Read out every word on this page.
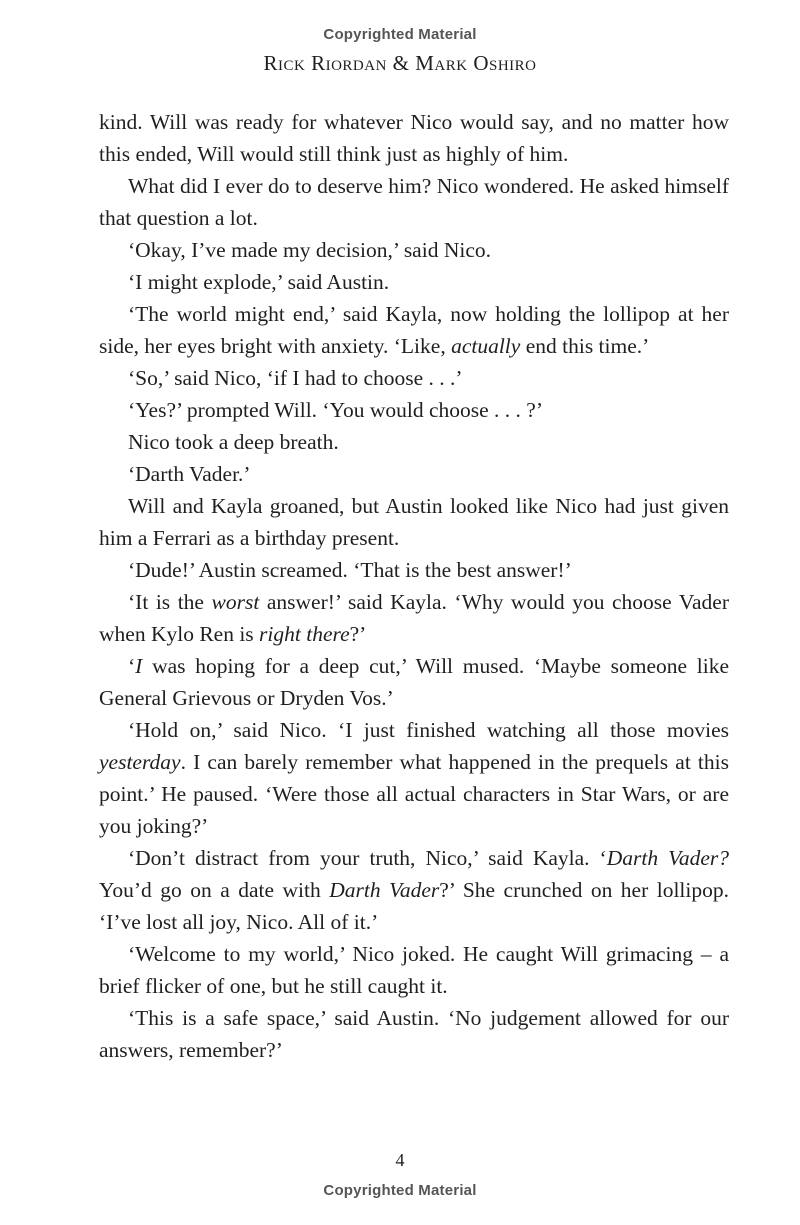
Copyrighted Material
Rick Riordan & Mark Oshiro

kind. Will was ready for whatever Nico would say, and no matter how this ended, Will would still think just as highly of him.

What did I ever do to deserve him? Nico wondered. He asked himself that question a lot.

‘Okay, I’ve made my decision,’ said Nico.

‘I might explode,’ said Austin.

‘The world might end,’ said Kayla, now holding the lollipop at her side, her eyes bright with anxiety. ‘Like, actually end this time.’

‘So,’ said Nico, ‘if I had to choose . . .’

‘Yes?’ prompted Will. ‘You would choose . . . ?’

Nico took a deep breath.

‘Darth Vader.’

Will and Kayla groaned, but Austin looked like Nico had just given him a Ferrari as a birthday present.

‘Dude!’ Austin screamed. ‘That is the best answer!’

‘It is the worst answer!’ said Kayla. ‘Why would you choose Vader when Kylo Ren is right there?’

‘I was hoping for a deep cut,’ Will mused. ‘Maybe someone like General Grievous or Dryden Vos.’

‘Hold on,’ said Nico. ‘I just finished watching all those movies yesterday. I can barely remember what happened in the prequels at this point.’ He paused. ‘Were those all actual characters in Star Wars, or are you joking?’

‘Don’t distract from your truth, Nico,’ said Kayla. ‘Darth Vader? You’d go on a date with Darth Vader?’ She crunched on her lollipop. ‘I’ve lost all joy, Nico. All of it.’

‘Welcome to my world,’ Nico joked. He caught Will grimacing – a brief flicker of one, but he still caught it.

‘This is a safe space,’ said Austin. ‘No judgement allowed for our answers, remember?’

4
Copyrighted Material
